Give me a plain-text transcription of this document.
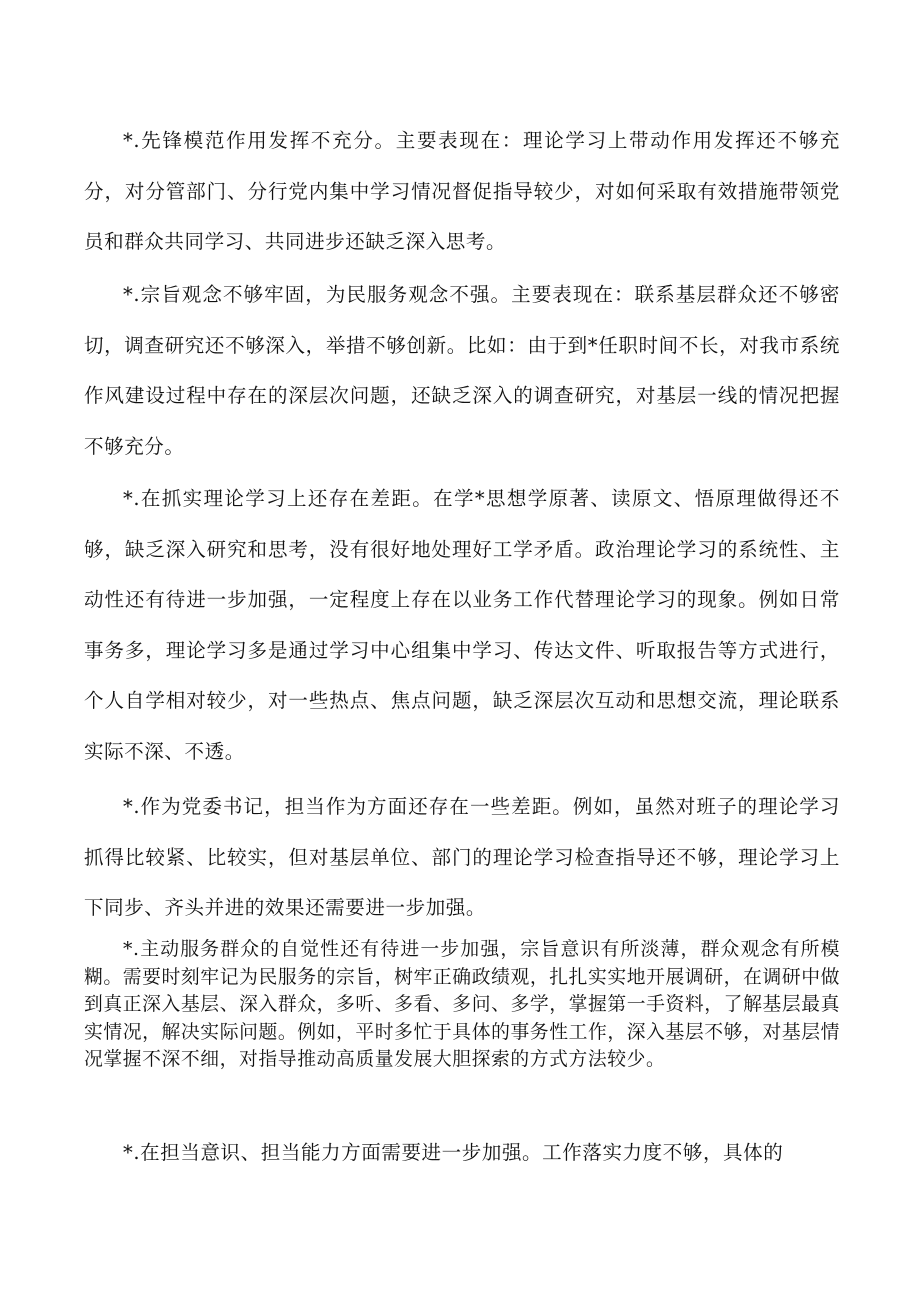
*.先锋模范作用发挥不充分。主要表现在：理论学习上带动作用发挥还不够充分，对分管部门、分行党内集中学习情况督促指导较少，对如何采取有效措施带领党员和群众共同学习、共同进步还缺乏深入思考。

*.宗旨观念不够牢固，为民服务观念不强。主要表现在：联系基层群众还不够密切，调查研究还不够深入，举措不够创新。比如：由于到*任职时间不长，对我市系统作风建设过程中存在的深层次问题，还缺乏深入的调查研究，对基层一线的情况把握不够充分。

*.在抓实理论学习上还存在差距。在学*思想学原著、读原文、悟原理做得还不够，缺乏深入研究和思考，没有很好地处理好工学矛盾。政治理论学习的系统性、主动性还有待进一步加强，一定程度上存在以业务工作代替理论学习的现象。例如日常事务多，理论学习多是通过学习中心组集中学习、传达文件、听取报告等方式进行，个人自学相对较少，对一些热点、焦点问题，缺乏深层次互动和思想交流，理论联系实际不深、不透。

*.作为党委书记，担当作为方面还存在一些差距。例如，虽然对班子的理论学习抓得比较紧、比较实，但对基层单位、部门的理论学习检查指导还不够，理论学习上下同步、齐头并进的效果还需要进一步加强。

*.主动服务群众的自觉性还有待进一步加强，宗旨意识有所淡薄，群众观念有所模糊。需要时刻牢记为民服务的宗旨，树牢正确政绩观，扎扎实实地开展调研，在调研中做到真正深入基层、深入群众，多听、多看、多问、多学，掌握第一手资料，了解基层最真实情况，解决实际问题。例如，平时多忙于具体的事务性工作，深入基层不够，对基层情况掌握不深不细，对指导推动高质量发展大胆探索的方式方法较少。

*.在担当意识、担当能力方面需要进一步加强。工作落实力度不够，具体的
